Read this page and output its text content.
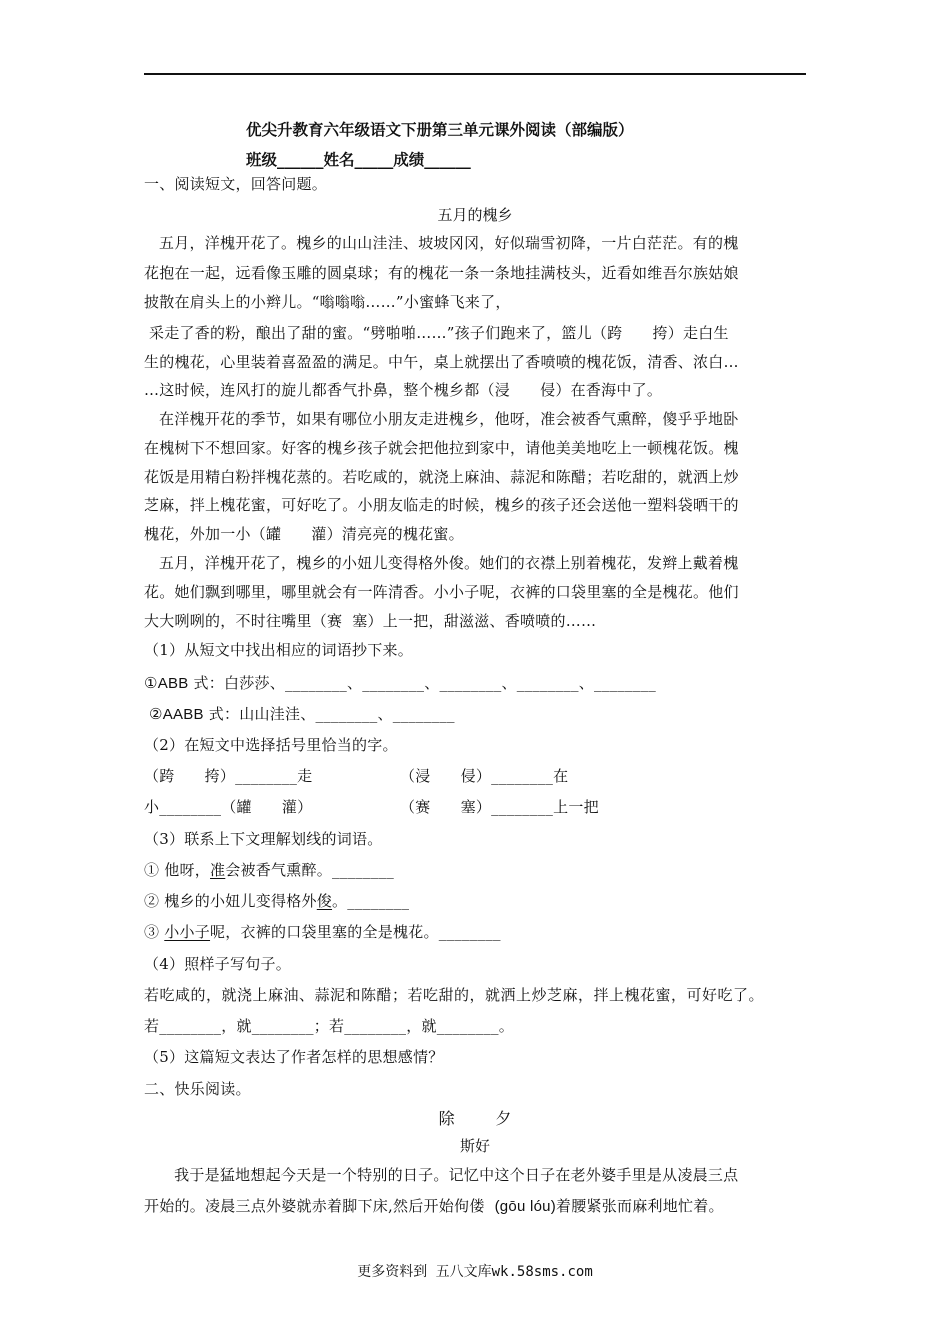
优尖升教育六年级语文下册第三单元课外阅读（部编版）
班级______姓名_____成绩______
一、阅读短文，回答问题。
五月的槐乡
五月，洋槐开花了。槐乡的山山洼洼、坡坡冈冈，好似瑞雪初降，一片白茫茫。有的槐
花抱在一起，远看像玉雕的圆桌球；有的槐花一条一条地挂满枝头，近看如维吾尔族姑娘
披散在肩头上的小辫儿。“嗡嗡嗡……”小蜜蜂飞来了，
采走了香的粉，酿出了甜的蜜。“劈啪啪……”孩子们跑来了，篮儿（跨      挎）走白生
生的槐花，心里装着喜盈盈的满足。中午，桌上就摆出了香喷喷的槐花饭，清香、浓白…
…这时候，连风打的旋儿都香气扑鼻，整个槐乡都（浸      侵）在香海中了。
在洋槐开花的季节，如果有哪位小朋友走进槐乡，他呀，准会被香气熏醉，傻乎乎地卧
在槐树下不想回家。好客的槐乡孩子就会把他拉到家中，请他美美地吃上一顿槐花饭。槐
花饭是用精白粉拌槐花蒸的。若吃咸的，就浇上麻油、蒜泥和陈醋；若吃甜的，就洒上炒
芝麻，拌上槐花蜜，可好吃了。小朋友临走的时候，槐乡的孩子还会送他一塑料袋晒干的
槐花，外加一小（罐      灌）清亮亮的槐花蜜。
五月，洋槐开花了，槐乡的小妞儿变得格外俊。她们的衣襟上别着槐花，发辫上戴着槐
花。她们飘到哪里，哪里就会有一阵清香。小小子呢，衣裤的口袋里塞的全是槐花。他们
大大咧咧的，不时往嘴里（赛  塞）上一把，甜滋滋、香喷喷的……
（1）从短文中找出相应的词语抄下来。
①ABB 式：白莎莎、________、________、________、________、________
②AABB 式：山山洼洼、________、________
（2）在短文中选择括号里恰当的字。
（跨      挎）________走	（浸      侵）________在
小________（罐      灌）	（赛      塞）________上一把
（3）联系上下文理解划线的词语。
① 他呀，准会被香气熏醉。________
② 槐乡的小妞儿变得格外俊。________
③ 小小子呢，衣裤的口袋里塞的全是槐花。________
（4）照样子写句子。
若吃咸的，就浇上麻油、蒜泥和陈醋；若吃甜的，就洒上炒芝麻，拌上槐花蜜，可好吃了。
若________，就________；若________，就________。
（5）这篇短文表达了作者怎样的思想感情？
二、快乐阅读。
除        夕
斯好
我于是猛地想起今天是一个特别的日子。记忆中这个日子在老外婆手里是从凌晨三点
开始的。凌晨三点外婆就赤着脚下床,然后开始佝偻  (gōu lóu)着腰紧张而麻利地忙着。
更多资料到 五八文库wk.58sms.com
